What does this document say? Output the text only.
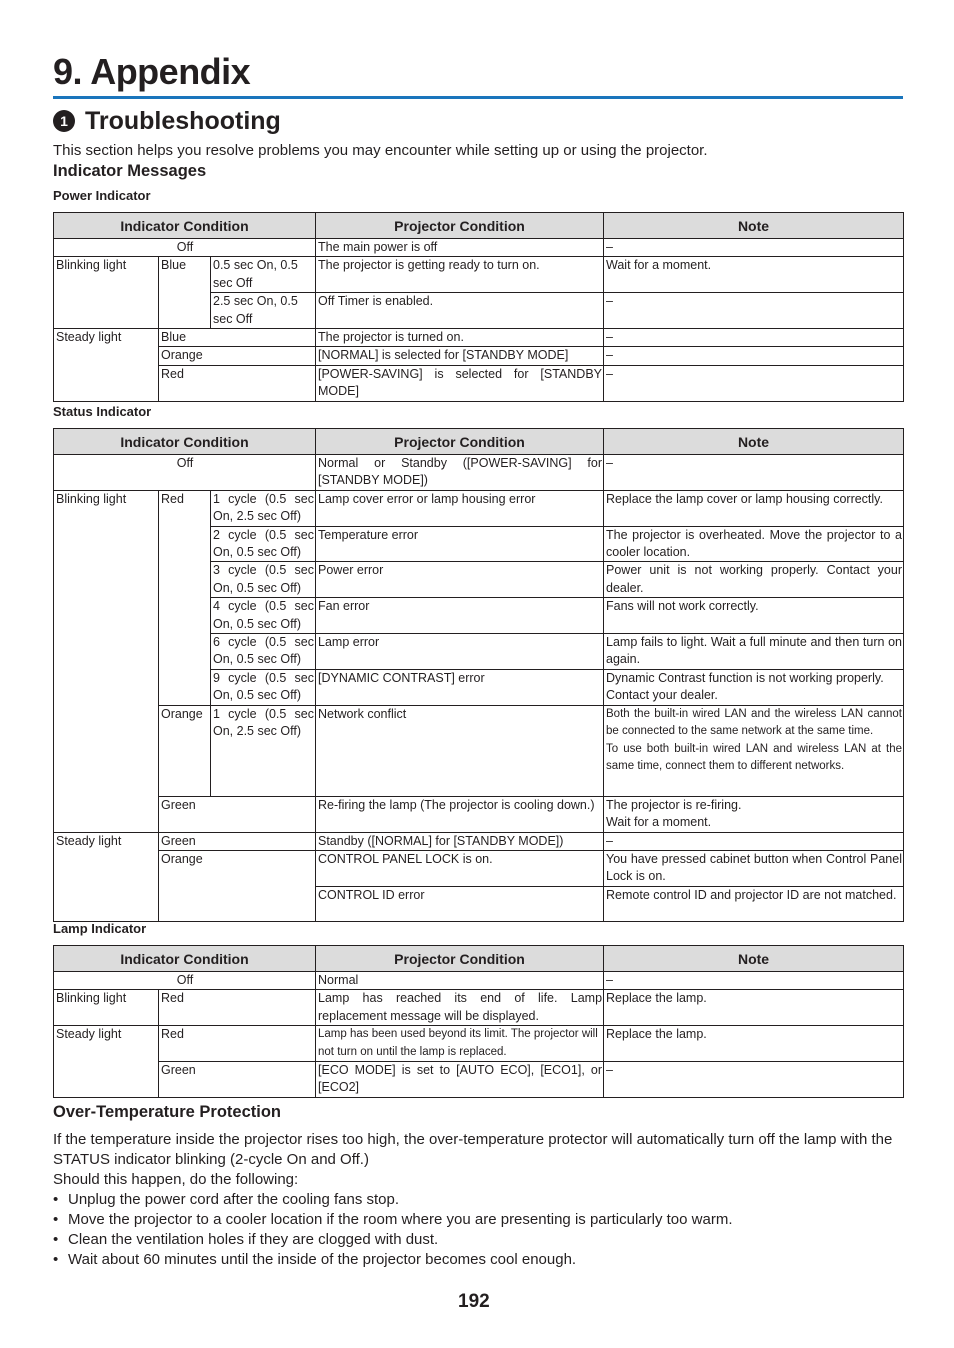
9. Appendix
1 Troubleshooting
This section helps you resolve problems you may encounter while setting up or using the projector.
Indicator Messages
Power Indicator
Indicator Condition			Projector Condition	Note
Off			The main power is off	–
Blinking light	Blue	0.5 sec On, 0.5 sec Off	The projector is getting ready to turn on.	Wait for a moment.
		2.5 sec On, 0.5 sec Off	Off Timer is enabled.	–
Steady light	Blue		The projector is turned on.	–
	Orange		[NORMAL] is selected for [STANDBY MODE]	–
	Red		[POWER-SAVING] is selected for [STANDBY MODE]	–
Status Indicator
Indicator Condition			Projector Condition	Note
Off			Normal or Standby ([POWER-SAVING] for [STANDBY MODE])	–
Blinking light	Red	1 cycle (0.5 sec On, 2.5 sec Off)	Lamp cover error or lamp housing error	Replace the lamp cover or lamp housing correctly.
		2 cycle (0.5 sec On, 0.5 sec Off)	Temperature error	The projector is overheated. Move the projector to a cooler location.
		3 cycle (0.5 sec On, 0.5 sec Off)	Power error	Power unit is not working properly. Contact your dealer.
		4 cycle (0.5 sec On, 0.5 sec Off)	Fan error	Fans will not work correctly.
		6 cycle (0.5 sec On, 0.5 sec Off)	Lamp error	Lamp fails to light. Wait a full minute and then turn on again.
		9 cycle (0.5 sec On, 0.5 sec Off)	[DYNAMIC CONTRAST] error	Dynamic Contrast function is not working properly. Contact your dealer.
	Orange	1 cycle (0.5 sec On, 2.5 sec Off)	Network conflict	Both the built-in wired LAN and the wireless LAN cannot be connected to the same network at the same time.
To use both built-in wired LAN and wireless LAN at the same time, connect them to different networks.

	Green		Re-firing the lamp (The projector is cooling down.)	The projector is re-firing.
Wait for a moment.

Steady light	Green		Standby ([NORMAL] for [STANDBY MODE])	–
	Orange		CONTROL PANEL LOCK is on.	You have pressed cabinet button when Control Panel Lock is on.
			CONTROL ID error	Remote control ID and projector ID are not matched.
Lamp Indicator
Indicator Condition		Projector Condition	Note
Off		Normal	–
Blinking light	Red	Lamp has reached its end of life. Lamp replacement message will be displayed.	Replace the lamp.
Steady light	Red	Lamp has been used beyond its limit. The projector will not turn on until the lamp is replaced.	Replace the lamp.
	Green	[ECO MODE] is set to [AUTO ECO], [ECO1], or [ECO2]	–
Over-Temperature Protection

If the temperature inside the projector rises too high, the over-temperature protector will automatically turn off the lamp with the STATUS indicator blinking (2-cycle On and Off.)

Should this happen, do the following:

• Unplug the power cord after the cooling fans stop.
• Move the projector to a cooler location if the room where you are presenting is particularly too warm.
• Clean the ventilation holes if they are clogged with dust.
• Wait about 60 minutes until the inside of the projector becomes cool enough.
192
